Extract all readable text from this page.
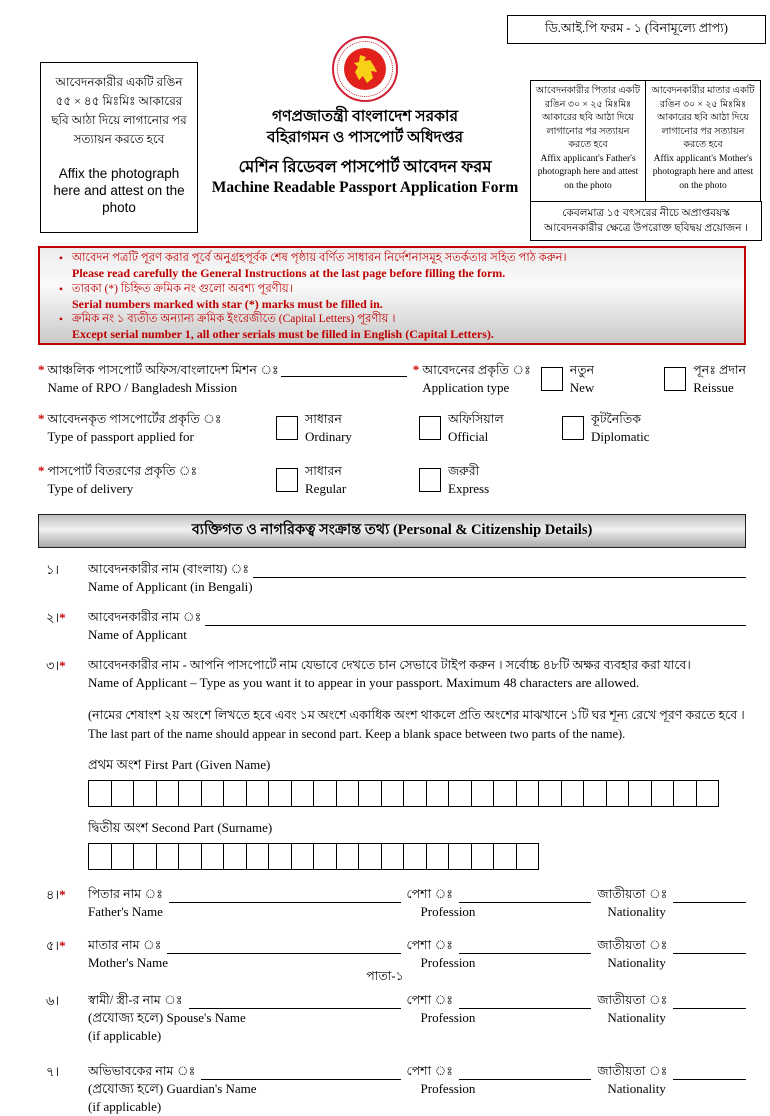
ডি.আই.পি ফরম - ১ (বিনামূল্যে প্রাপ্য)
আবেদনকারীর একটি রঙিন ৫৫ × ৪৫ মিঃমিঃ আকারের ছবি আঠা দিয়ে লাগানোর পর সত্যায়ন করতে হবে
Affix the photograph here and attest on the photo
গণপ্রজাতন্ত্রী বাংলাদেশ সরকার
বহিরাগমন ও পাসপোর্ট অধিদপ্তর
মেশিন রিডেবল পাসপোর্ট আবেদন ফরম
Machine Readable Passport Application Form
আবেদনকারীর পিতার একটি রঙিন ৩০ × ২৫ মিঃমিঃ আকারের ছবি আঠা দিয়ে লাগানোর পর সত্যায়ন করতে হবে
Affix applicant's Father's photograph here and attest on the photo
আবেদনকারীর মাতার একটি রঙিন ৩০ × ২৫ মিঃমিঃ আকারের ছবি আঠা দিয়ে লাগানোর পর সত্যায়ন করতে হবে
Affix applicant's Mother's photograph here and attest on the photo
কেবলমাত্র ১৫ বৎসরের নীচে অপ্রাপ্তবয়স্ক আবেদনকারীর ক্ষেত্রে উপরোক্ত ছবিদ্বয় প্রয়োজন ।
• আবেদন পত্রটি পূরণ করার পূর্বে অনুগ্রহপূর্বক শেষ পৃষ্ঠায় বর্ণিত সাধারন নির্দেশনাসমূহ সতর্কতার সহিত পাঠ করুন।
Please read carefully the General Instructions at the last page before filling the form.
• তারকা (*) চিহ্নিত ক্রমিক নং গুলো অবশ্য পূরণীয়।
Serial numbers marked with star (*) marks must be filled in.
• ক্রমিক নং ১ ব্যতীত অন্যান্য ক্রমিক ইংরেজীতে (Capital Letters) পূরণীয় ।
Except serial number 1, all other serials must be filled in English (Capital Letters).
* আঞ্চলিক পাসপোর্ট অফিস/বাংলাদেশ মিশন ঃ
Name of RPO / Bangladesh Mission
* আবেদনের প্রকৃতি ঃ
Application type
নতুন
New
পূনঃ প্রদান
Reissue
* আবেদনকৃত পাসপোর্টের প্রকৃতি ঃ
Type of passport applied for
সাধারন
Ordinary
অফিসিয়াল
Official
কূটনৈতিক
Diplomatic
* পাসপোর্ট বিতরণের প্রকৃতি ঃ
Type of delivery
সাধারন
Regular
জরুরী
Express
ব্যক্তিগত ও নাগরিকত্ব সংক্রান্ত তথ্য (Personal & Citizenship Details)
১।	আবেদনকারীর নাম (বাংলায়) ঃ
Name of Applicant (in Bengali)
২।*	আবেদনকারীর নাম ঃ
Name of Applicant
৩।*	আবেদনকারীর নাম - আপনি পাসপোর্টে নাম যেভাবে দেখতে চান সেভাবে টাইপ করুন । সর্বোচ্চ ৪৮টি অক্ষর ব্যবহার করা যাবে।
Name of Applicant – Type as you want it to appear in your passport. Maximum 48 characters are allowed.
(নামের শেষাংশ ২য় অংশে লিখতে হবে এবং ১ম অংশে একাধিক অংশ থাকলে প্রতি অংশের মাঝখানে ১টি ঘর শূন্য রেখে পূরণ করতে হবে । The last part of the name should appear in second part. Keep a blank space between two parts of the name).
প্রথম অংশ First Part (Given Name)
দ্বিতীয় অংশ Second Part (Surname)
৪।*	পিতার নাম ঃ
Father's Name
পেশা ঃ
Profession
জাতীয়তা ঃ
Nationality
৫।*	মাতার নাম ঃ
Mother's Name
পেশা ঃ
Profession
জাতীয়তা ঃ
Nationality
৬।	স্বামী/ স্ত্রী-র নাম ঃ
(প্রযোজ্য হলে) Spouse's Name
(if applicable)
পেশা ঃ
Profession
জাতীয়তা ঃ
Nationality
৭।	অভিভাবকের নাম ঃ
(প্রযোজ্য হলে) Guardian's Name
(if applicable)
পেশা ঃ
Profession
জাতীয়তা ঃ
Nationality
পাতা-১
